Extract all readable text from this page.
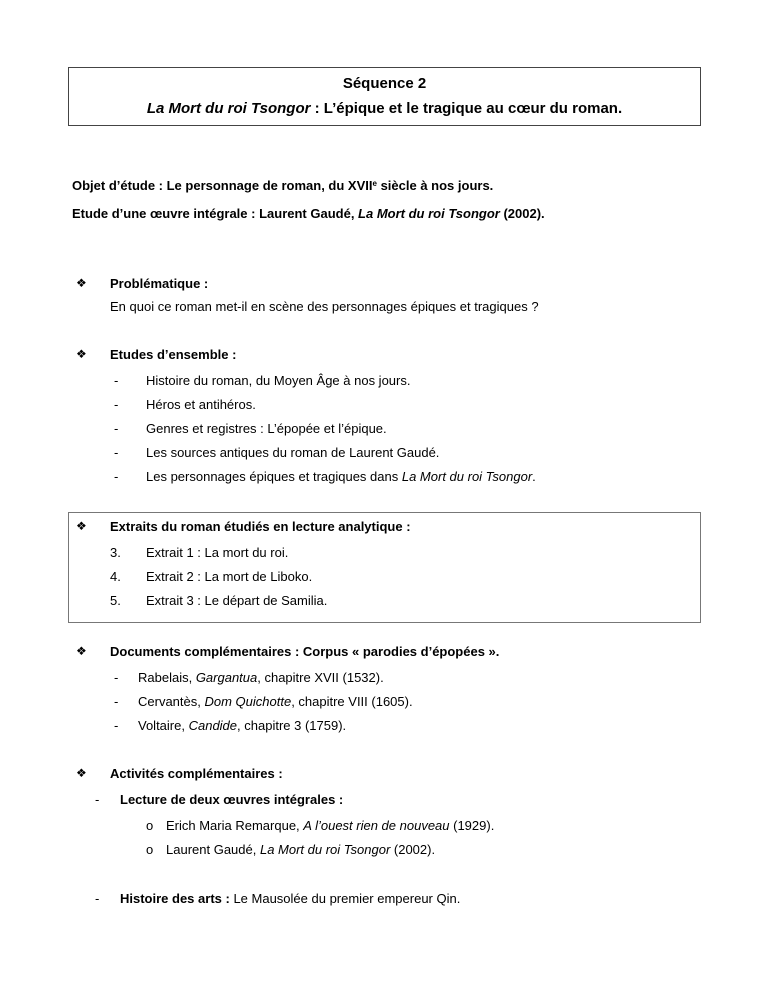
Séquence 2
La Mort du roi Tsongor : L’épique et le tragique au cœur du roman.
Objet d’étude : Le personnage de roman, du XVIIe siècle à nos jours.
Etude d’une œuvre intégrale : Laurent Gaudé, La Mort du roi Tsongor (2002).
❖ Problématique :
En quoi ce roman met-il en scène des personnages épiques et tragiques ?
❖ Etudes d’ensemble :
- Histoire du roman, du Moyen Âge à nos jours.
- Héros et antihéros.
- Genres et registres : L’épopée et l’épique.
- Les sources antiques du roman de Laurent Gaudé.
- Les personnages épiques et tragiques dans La Mort du roi Tsongor.
❖ Extraits du roman étudiés en lecture analytique :
3. Extrait 1 : La mort du roi.
4. Extrait 2 : La mort de Liboko.
5. Extrait 3 : Le départ de Samilia.
❖ Documents complémentaires : Corpus « parodies d’épopées ».
- Rabelais, Gargantua, chapitre XVII (1532).
- Cervantès, Dom Quichotte, chapitre VIII (1605).
- Voltaire, Candide, chapitre 3 (1759).
❖ Activités complémentaires :
- Lecture de deux œuvres intégrales :
o Erich Maria Remarque, A l’ouest rien de nouveau (1929).
o Laurent Gaudé, La Mort du roi Tsongor (2002).
- Histoire des arts : Le Mausolée du premier empereur Qin.
